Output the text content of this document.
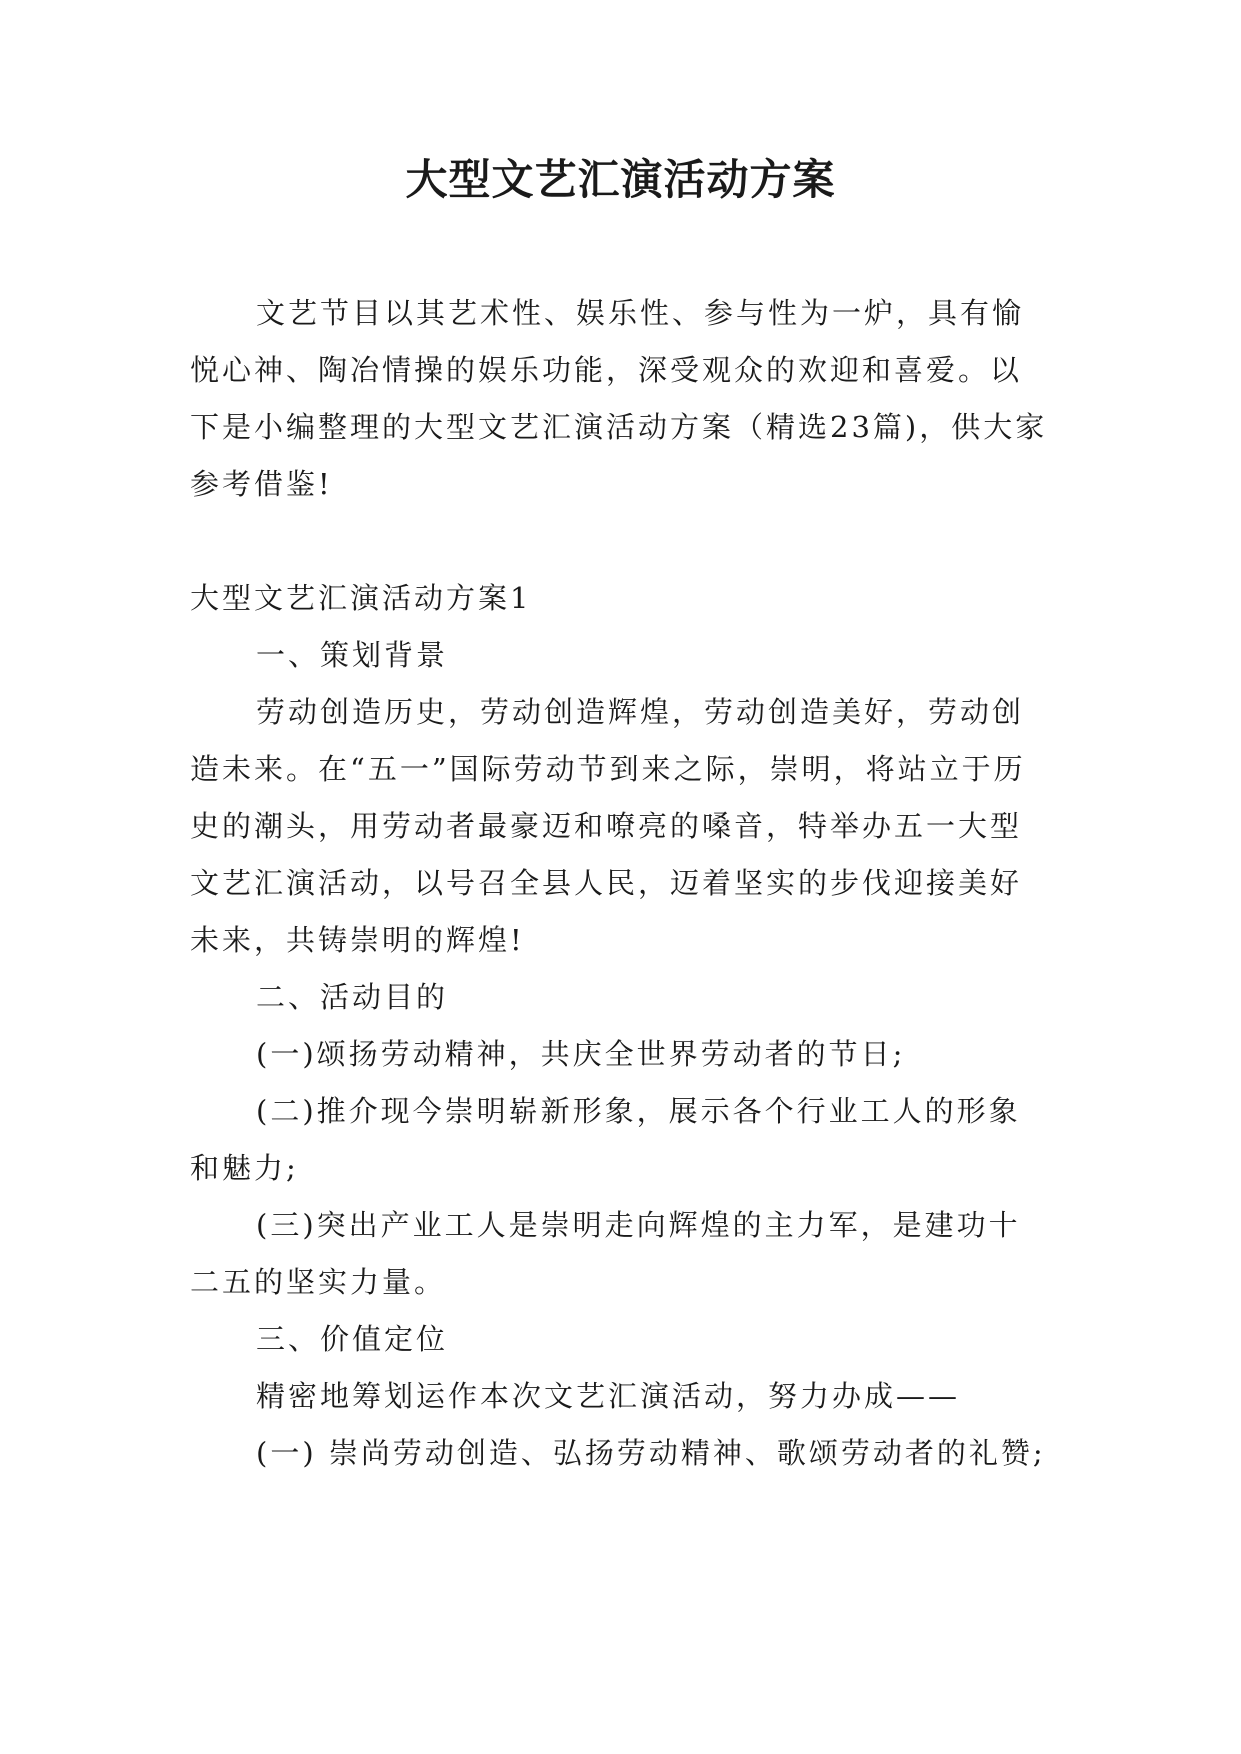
大型文艺汇演活动方案

文艺节目以其艺术性、娱乐性、参与性为一炉，具有愉悦心神、陶冶情操的娱乐功能，深受观众的欢迎和喜爱。以下是小编整理的大型文艺汇演活动方案（精选23篇)，供大家参考借鉴!

大型文艺汇演活动方案1

一、策划背景

劳动创造历史，劳动创造辉煌，劳动创造美好，劳动创造未来。在“五一”国际劳动节到来之际，崇明，将站立于历史的潮头，用劳动者最豪迈和嘹亮的嗓音，特举办五一大型文艺汇演活动，以号召全县人民，迈着坚实的步伐迎接美好未来，共铸崇明的辉煌!

二、活动目的

(一)颂扬劳动精神，共庆全世界劳动者的节日;

(二)推介现今崇明崭新形象，展示各个行业工人的形象和魅力;

(三)突出产业工人是崇明走向辉煌的主力军，是建功十二五的坚实力量。

三、价值定位

精密地筹划运作本次文艺汇演活动，努力办成——

(一) 崇尚劳动创造、弘扬劳动精神、歌颂劳动者的礼赞;
